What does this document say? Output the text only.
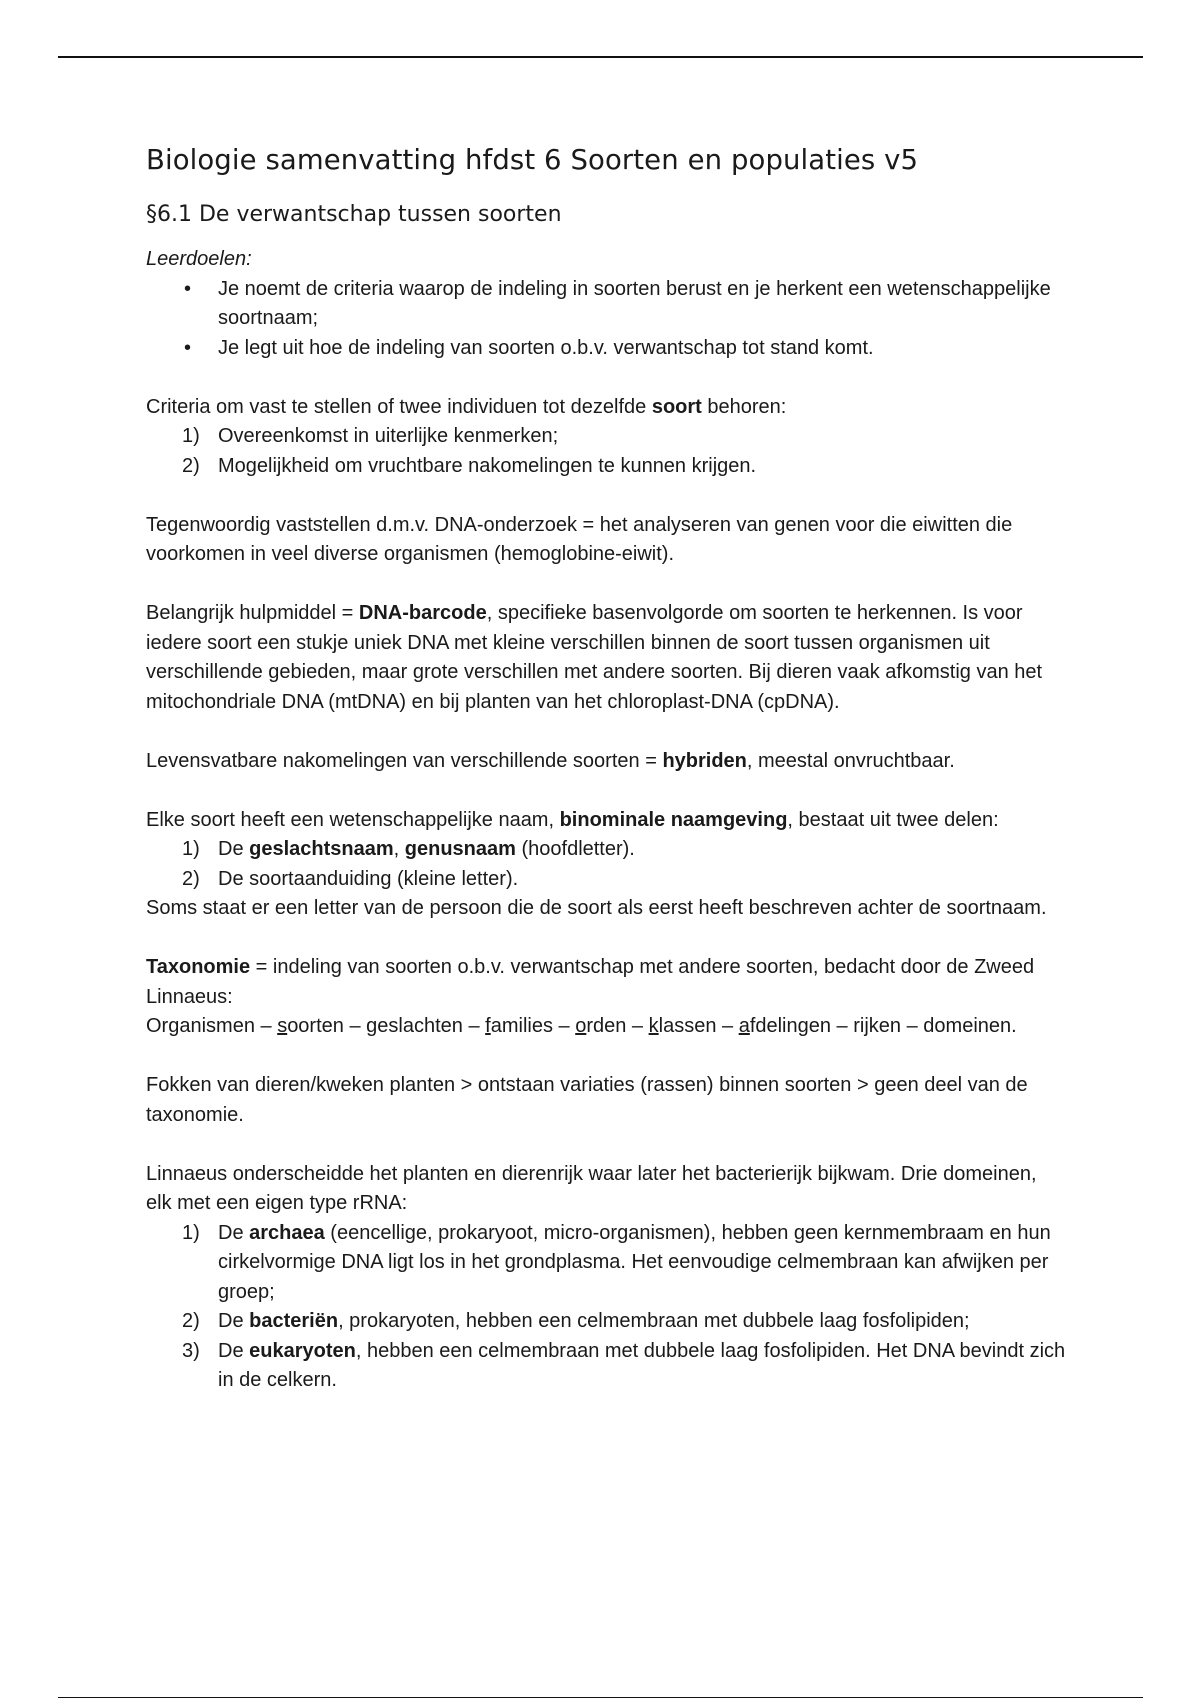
Biologie samenvatting hfdst 6 Soorten en populaties v5
§6.1 De verwantschap tussen soorten

Leerdoelen:

• Je noemt de criteria waarop de indeling in soorten berust en je herkent een wetenschappelijke soortnaam;
• Je legt uit hoe de indeling van soorten o.b.v. verwantschap tot stand komt.

Criteria om vast te stellen of twee individuen tot dezelfde soort behoren:

1) Overeenkomst in uiterlijke kenmerken;
2) Mogelijkheid om vruchtbare nakomelingen te kunnen krijgen.

Tegenwoordig vaststellen d.m.v. DNA-onderzoek = het analyseren van genen voor die eiwitten die voorkomen in veel diverse organismen (hemoglobine-eiwit).

Belangrijk hulpmiddel = DNA-barcode, specifieke basenvolgorde om soorten te herkennen. Is voor iedere soort een stukje uniek DNA met kleine verschillen binnen de soort tussen organismen uit verschillende gebieden, maar grote verschillen met andere soorten. Bij dieren vaak afkomstig van het mitochondriale DNA (mtDNA) en bij planten van het chloroplast-DNA (cpDNA).

Levensvatbare nakomelingen van verschillende soorten = hybriden, meestal onvruchtbaar.

Elke soort heeft een wetenschappelijke naam, binominale naamgeving, bestaat uit twee delen:

1) De geslachtsnaam, genusnaam (hoofdletter).
2) De soortaanduiding (kleine letter).

Soms staat er een letter van de persoon die de soort als eerst heeft beschreven achter de soortnaam.

Taxonomie = indeling van soorten o.b.v. verwantschap met andere soorten, bedacht door de Zweed Linnaeus:

Organismen – soorten – geslachten – families – orden – klassen – afdelingen – rijken – domeinen.

Fokken van dieren/kweken planten > ontstaan variaties (rassen) binnen soorten > geen deel van de taxonomie.

Linnaeus onderscheidde het planten en dierenrijk waar later het bacterierijk bijkwam. Drie domeinen, elk met een eigen type rRNA:

1) De archaea (eencellige, prokaryoot, micro-organismen), hebben geen kernmembraam en hun cirkelvormige DNA ligt los in het grondplasma. Het eenvoudige celmembraan kan afwijken per groep;
2) De bacteriën, prokaryoten, hebben een celmembraan met dubbele laag fosfolipiden;
3) De eukaryoten, hebben een celmembraan met dubbele laag fosfolipiden. Het DNA bevindt zich in de celkern.
